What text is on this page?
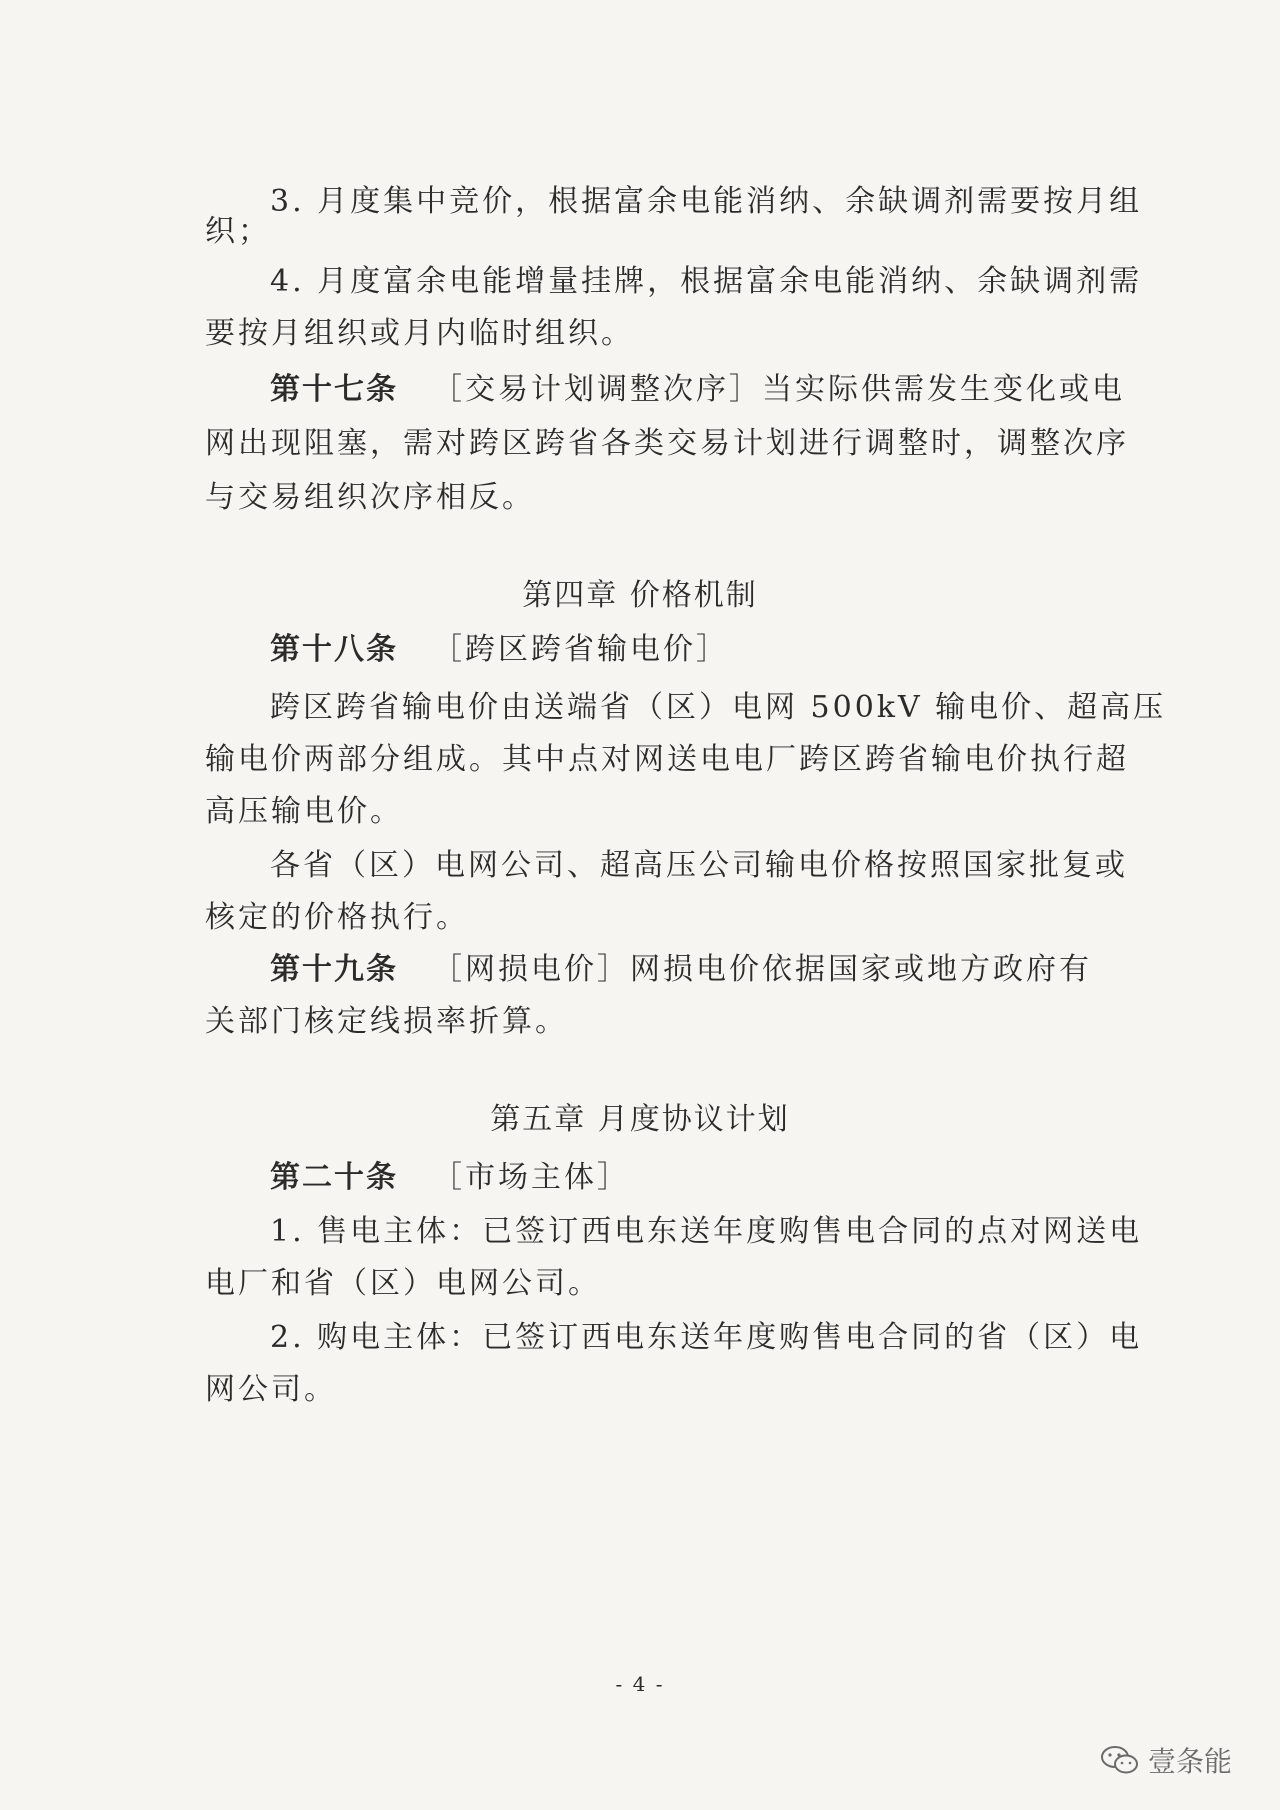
3. 月度集中竞价，根据富余电能消纳、余缺调剂需要按月组
织；
4. 月度富余电能增量挂牌，根据富余电能消纳、余缺调剂需
要按月组织或月内临时组织。
第十七条 ［交易计划调整次序］当实际供需发生变化或电
网出现阻塞，需对跨区跨省各类交易计划进行调整时，调整次序
与交易组织次序相反。
第四章 价格机制
第十八条 ［跨区跨省输电价］
跨区跨省输电价由送端省（区）电网 500kV 输电价、超高压
输电价两部分组成。其中点对网送电电厂跨区跨省输电价执行超
高压输电价。
各省（区）电网公司、超高压公司输电价格按照国家批复或
核定的价格执行。
第十九条 ［网损电价］网损电价依据国家或地方政府有
关部门核定线损率折算。
第五章 月度协议计划
第二十条 ［市场主体］
1. 售电主体：已签订西电东送年度购售电合同的点对网送电
电厂和省（区）电网公司。
2. 购电主体：已签订西电东送年度购售电合同的省（区）电
网公司。
- 4 -
壹条能
